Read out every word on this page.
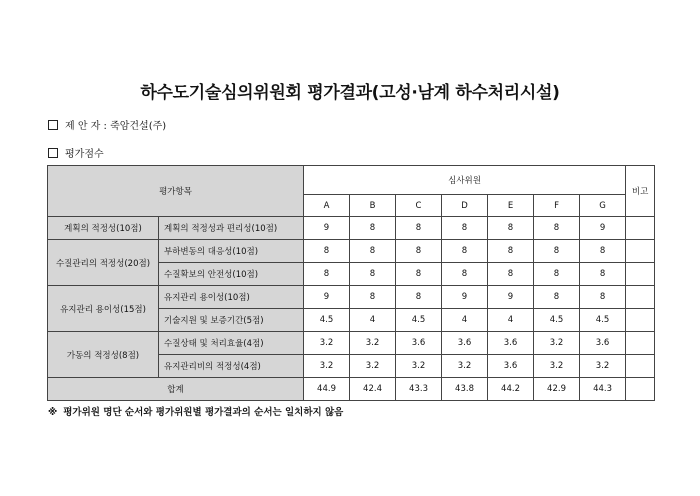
하수도기술심의위원회 평가결과(고성·남계 하수처리시설)
제 안 자 : 죽암건설(주)
평가점수
평가항목		심사위원							비고
		A	B	C	D	E	F	G	
계획의 적정성(10점)	계획의 적정성과 편리성(10점)	9	8	8	8	8	8	9	
수질관리의 적정성(20점)	부하변동의 대응성(10점)	8	8	8	8	8	8	8	
	수질확보의 안전성(10점)	8	8	8	8	8	8	8	
유지관리 용이성(15점)	유지관리 용이성(10점)	9	8	8	9	9	8	8	
	기술지원 및 보증기간(5점)	4.5	4	4.5	4	4	4.5	4.5	
가동의 적정성(8점)	수질상태 및 처리효율(4점)	3.2	3.2	3.6	3.6	3.6	3.2	3.6	
	유지관리비의 적정성(4점)	3.2	3.2	3.2	3.2	3.6	3.2	3.2	
합계		44.9	42.4	43.3	43.8	44.2	42.9	44.3	
※ 평가위원 명단 순서와 평가위원별 평가결과의 순서는 일치하지 않음
